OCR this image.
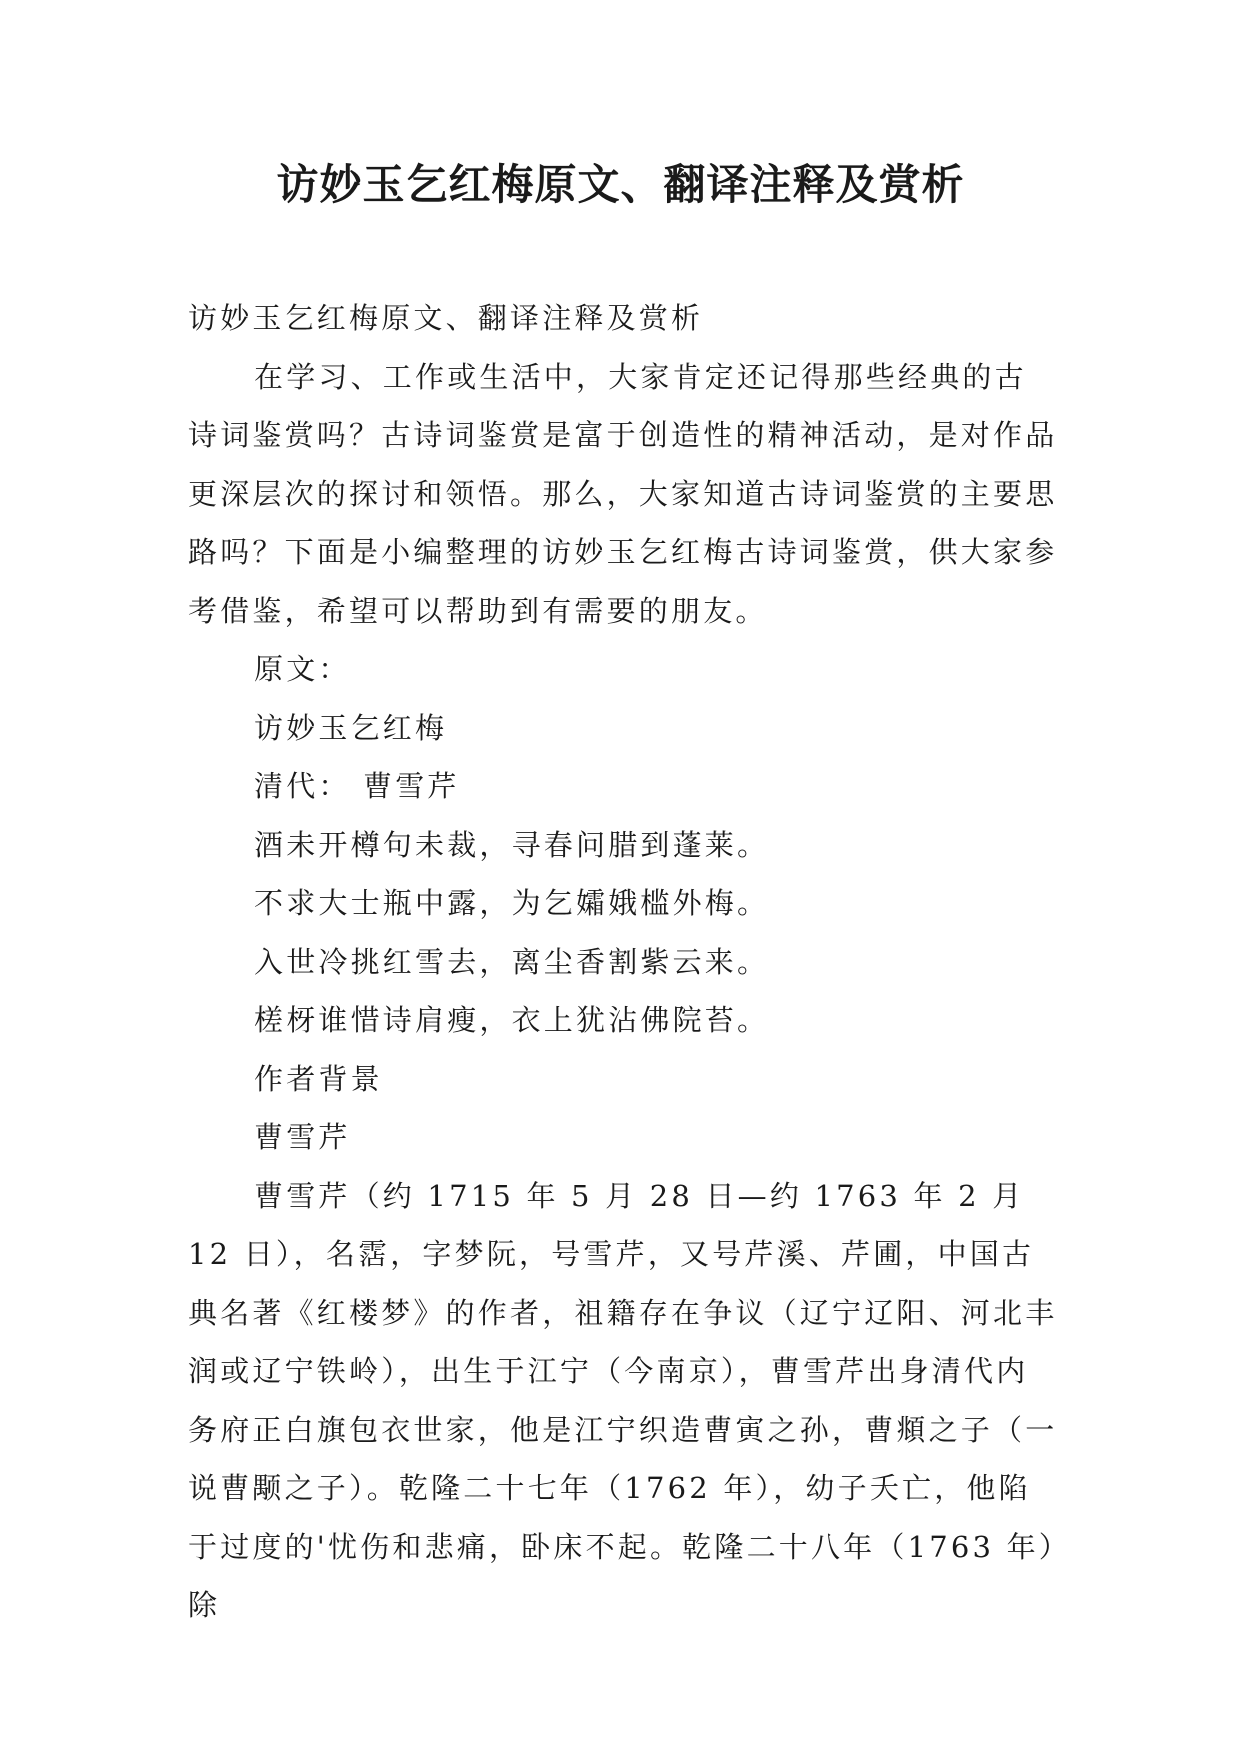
访妙玉乞红梅原文、翻译注释及赏析

访妙玉乞红梅原文、翻译注释及赏析

在学习、工作或生活中，大家肯定还记得那些经典的古诗词鉴赏吗？古诗词鉴赏是富于创造性的精神活动，是对作品更深层次的探讨和领悟。那么，大家知道古诗词鉴赏的主要思路吗？下面是小编整理的访妙玉乞红梅古诗词鉴赏，供大家参考借鉴，希望可以帮助到有需要的朋友。

原文：

访妙玉乞红梅

清代： 曹雪芹

酒未开樽句未裁，寻春问腊到蓬莱。

不求大士瓶中露，为乞孀娥槛外梅。

入世冷挑红雪去，离尘香割紫云来。

槎枒谁惜诗肩瘦，衣上犹沾佛院苔。

作者背景

曹雪芹

曹雪芹（约 1715 年 5 月 28 日—约 1763 年 2 月 12 日），名霑，字梦阮，号雪芹，又号芹溪、芹圃，中国古典名著《红楼梦》的作者，祖籍存在争议（辽宁辽阳、河北丰润或辽宁铁岭），出生于江宁（今南京），曹雪芹出身清代内务府正白旗包衣世家，他是江宁织造曹寅之孙，曹頫之子（一说曹颙之子）。乾隆二十七年（1762 年），幼子夭亡，他陷于过度的'忧伤和悲痛，卧床不起。乾隆二十八年（1763 年）除
